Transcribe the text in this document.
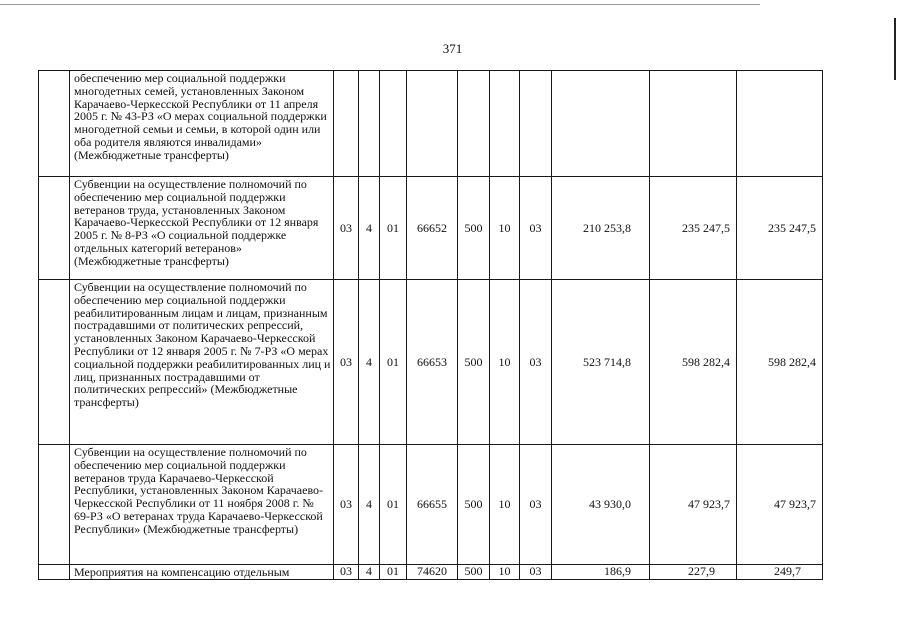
371
	обеспечению мер социальной поддержки многодетных семей, установленных Законом Карачаево-Черкесской Республики от 11 апреля 2005 г. № 43-РЗ «О мерах социальной поддержки многодетной семьи и семьи, в которой один или оба родителя являются инвалидами» (Межбюджетные трансферты)										
	Субвенции на осуществление полномочий по обеспечению мер социальной поддержки ветеранов труда, установленных Законом Карачаево-Черкесской Республики от 12 января 2005 г. № 8-РЗ «О социальной поддержке отдельных категорий ветеранов» (Межбюджетные трансферты)	03	4	01	66652	500	10	03	210 253,8	235 247,5	235 247,5
	Субвенции на осуществление полномочий по обеспечению мер социальной поддержки реабилитированным лицам и лицам, признанным пострадавшими от политических репрессий, установленных Законом Карачаево-Черкесской Республики от 12 января 2005 г. № 7-РЗ «О мерах социальной поддержки реабилитированных лиц и лиц, признанных пострадавшими от политических репрессий» (Межбюджетные трансферты)	03	4	01	66653	500	10	03	523 714,8	598 282,4	598 282,4
	Субвенции на осуществление полномочий по обеспечению мер социальной поддержки ветеранов труда Карачаево-Черкесской Республики, установленных Законом Карачаево-Черкесской Республики от 11 ноября 2008 г. № 69-РЗ «О ветеранах труда Карачаево-Черкесской Республики» (Межбюджетные трансферты)	03	4	01	66655	500	10	03	43 930,0	47 923,7	47 923,7
	Мероприятия на компенсацию отдельным	03	4	01	74620	500	10	03	186,9	227,9	249,7
